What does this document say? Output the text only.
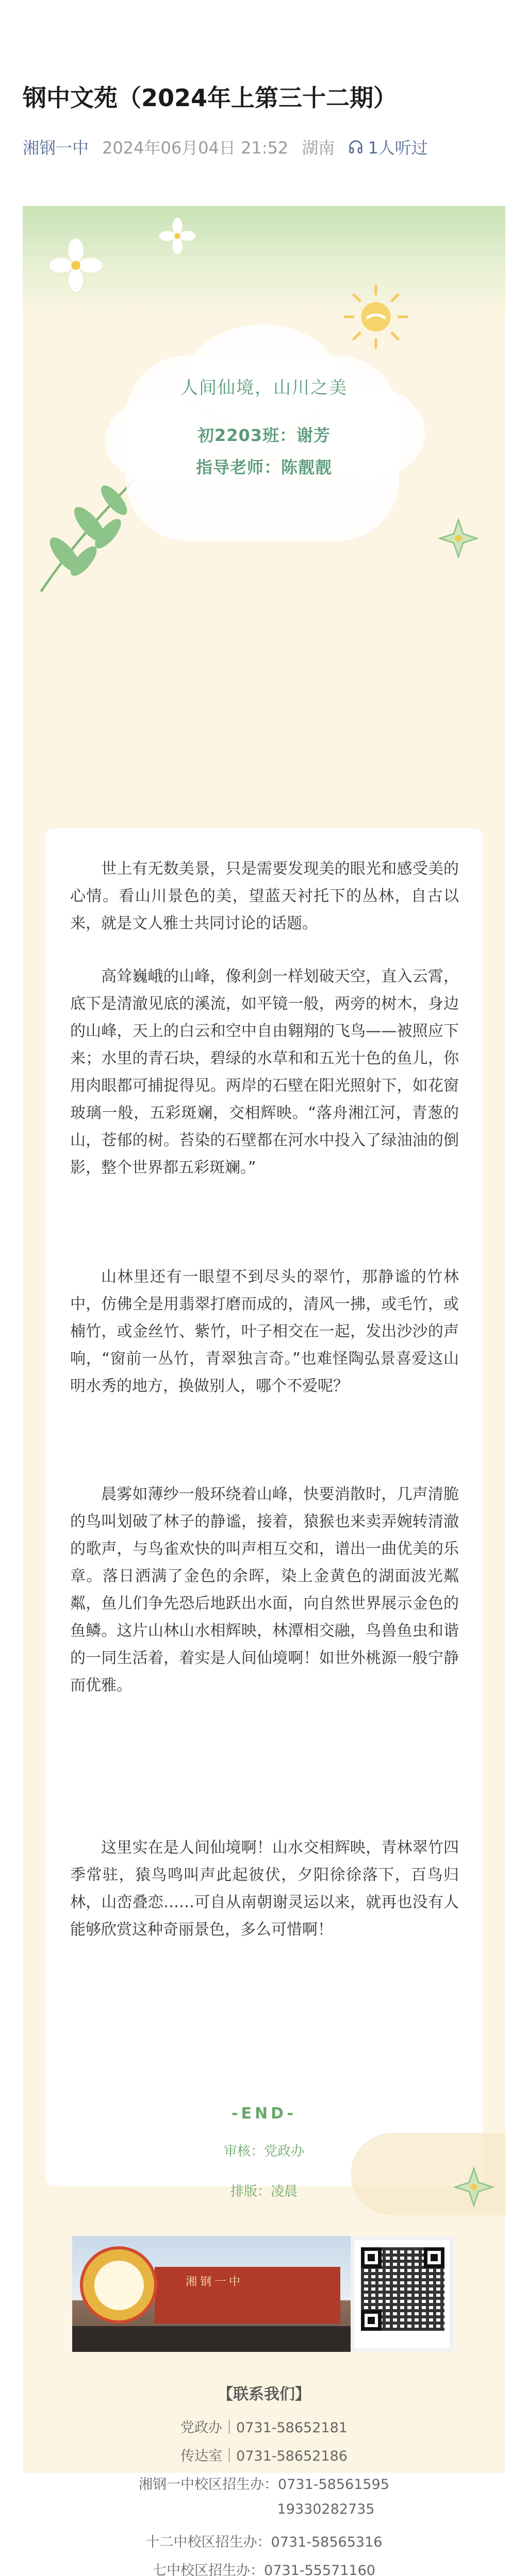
钢中文苑（2024年上第三十二期）
湘钢一中 2024年06月04日 21:52 湖南 1人听过
人间仙境，山川之美
初2203班：谢芳
指导老师：陈靓靓

世上有无数美景，只是需要发现美的眼光和感受美的心情。看山川景色的美，望蓝天衬托下的丛林，自古以来，就是文人雅士共同讨论的话题。

高耸巍峨的山峰，像利剑一样划破天空，直入云霄，底下是清澈见底的溪流，如平镜一般，两旁的树木，身边的山峰，天上的白云和空中自由翱翔的飞鸟——被照应下来；水里的青石块，碧绿的水草和和五光十色的鱼儿，你用肉眼都可捕捉得见。两岸的石壁在阳光照射下，如花窗玻璃一般，五彩斑斓，交相辉映。“落舟湘江河，青葱的山，苍郁的树。苔染的石壁都在河水中投入了绿油油的倒影，整个世界都五彩斑斓。”

山林里还有一眼望不到尽头的翠竹，那静谧的竹林中，仿佛全是用翡翠打磨而成的，清风一拂，或毛竹，或楠竹，或金丝竹、紫竹，叶子相交在一起，发出沙沙的声响，“窗前一丛竹，青翠独言奇。”也难怪陶弘景喜爱这山明水秀的地方，换做别人，哪个不爱呢？

晨雾如薄纱一般环绕着山峰，快要消散时，几声清脆的鸟叫划破了林子的静谧，接着，猿猴也来卖弄婉转清澈的歌声，与鸟雀欢快的叫声相互交和，谱出一曲优美的乐章。落日洒满了金色的余晖，染上金黄色的湖面波光粼粼，鱼儿们争先恐后地跃出水面，向自然世界展示金色的鱼鳞。这片山林山水相辉映，林潭相交融，鸟兽鱼虫和谐的一同生活着，着实是人间仙境啊！如世外桃源一般宁静而优雅。

这里实在是人间仙境啊！山水交相辉映，青林翠竹四季常驻，猿鸟鸣叫声此起彼伏，夕阳徐徐落下，百鸟归林，山峦叠恋……可自从南朝谢灵运以来，就再也没有人能够欣赏这种奇丽景色，多么可惜啊！

-END-
审核：党政办
排版：凌晨
湘钢一中
【联系我们】
党政办｜0731-58652181
传达室｜0731-58652186
湘钢一中校区招生办：0731-58561595
19330282735
十二中校区招生办：0731-58565316
七中校区招生办：0731-55571160
